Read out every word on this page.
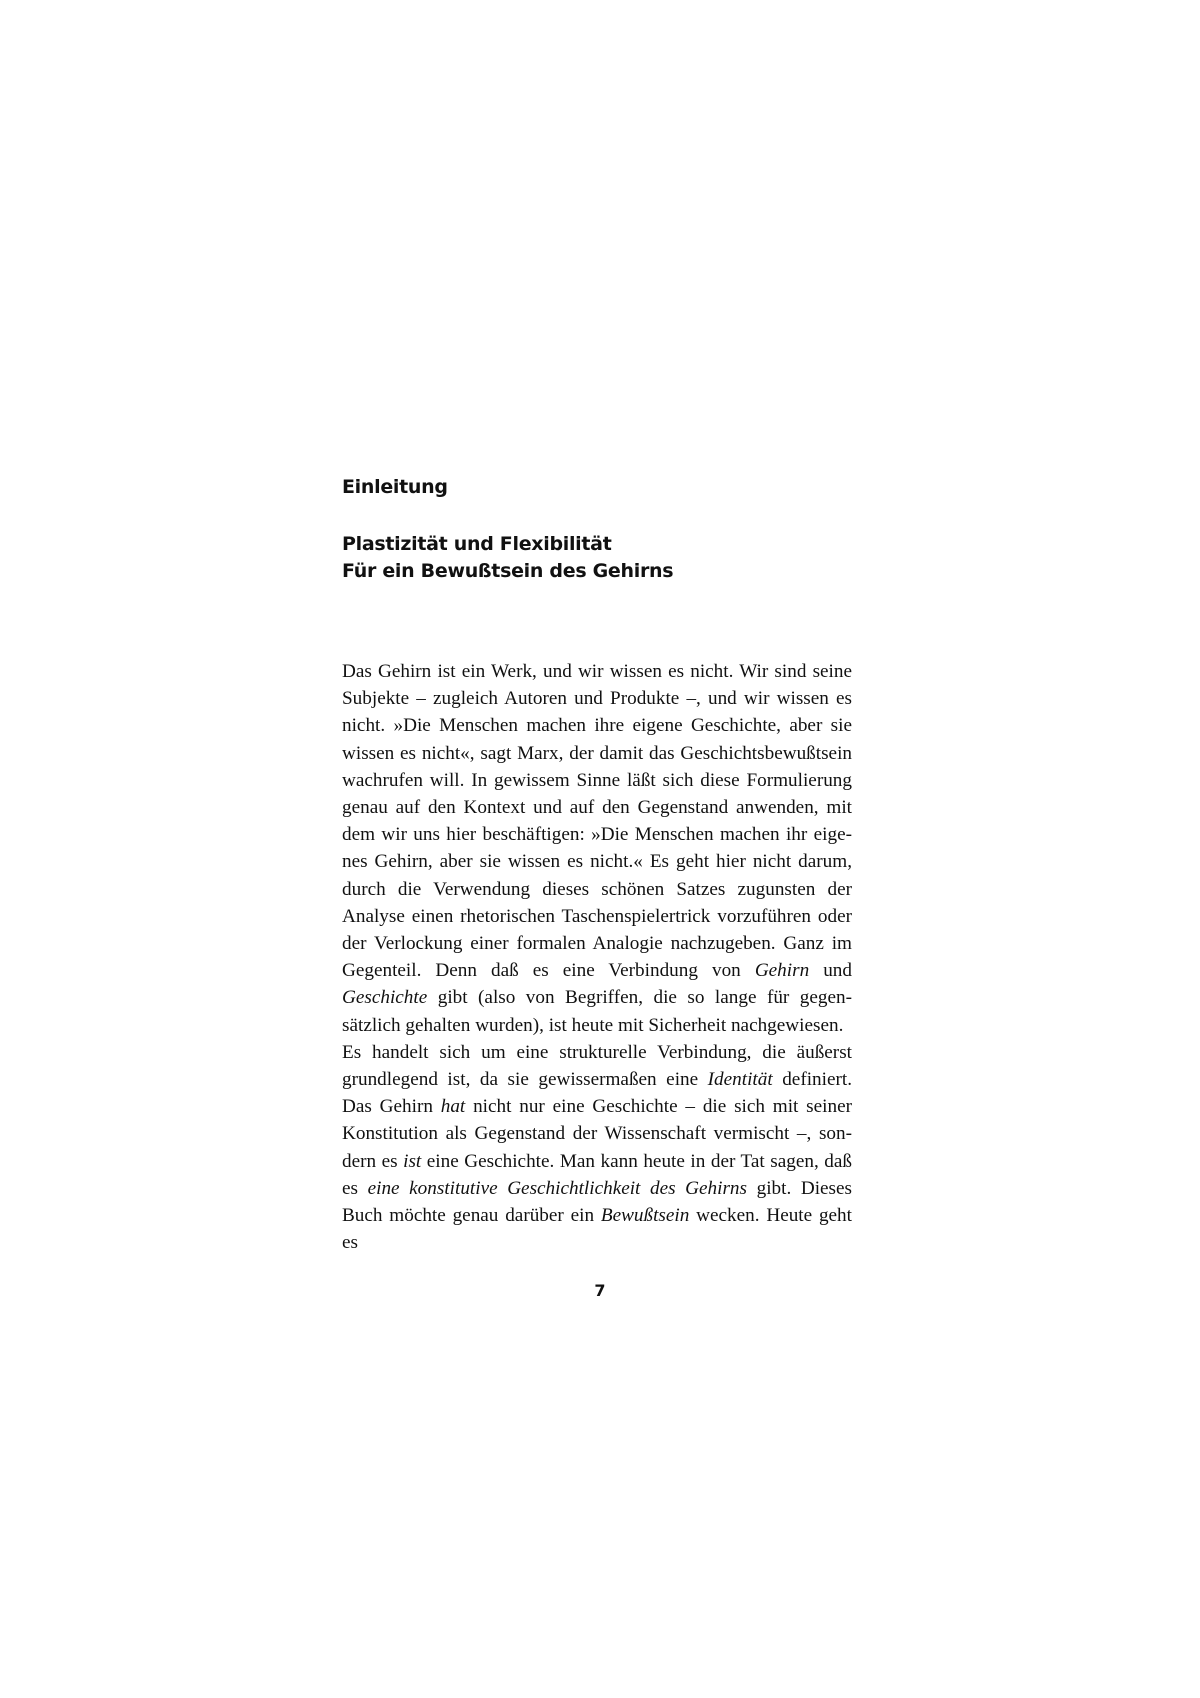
Einleitung
Plastizität und Flexibilität
Für ein Bewußtsein des Gehirns

Das Gehirn ist ein Werk, und wir wissen es nicht. Wir sind seine Subjekte – zugleich Autoren und Produkte –, und wir wissen es nicht. »Die Menschen machen ihre eigene Geschichte, aber sie wissen es nicht«, sagt Marx, der damit das Geschichtsbewußtsein wachrufen will. In gewissem Sinne läßt sich diese Formulierung genau auf den Kontext und auf den Gegenstand anwenden, mit dem wir uns hier beschäftigen: »Die Menschen machen ihr eigenes Gehirn, aber sie wissen es nicht.« Es geht hier nicht darum, durch die Verwendung dieses schönen Satzes zugunsten der Analyse einen rhetorischen Taschenspielertrick vorzuführen oder der Verlockung einer formalen Analogie nachzugeben. Ganz im Gegenteil. Denn daß es eine Verbindung von Gehirn und Geschichte gibt (also von Begriffen, die so lange für gegensätzlich gehalten wurden), ist heute mit Sicherheit nachgewiesen.

Es handelt sich um eine strukturelle Verbindung, die äußerst grundlegend ist, da sie gewissermaßen eine Identität definiert. Das Gehirn hat nicht nur eine Geschichte – die sich mit seiner Konstitution als Gegenstand der Wissenschaft vermischt –, sondern es ist eine Geschichte. Man kann heute in der Tat sagen, daß es eine konstitutive Geschichtlichkeit des Gehirns gibt. Dieses Buch möchte genau darüber ein Bewußtsein wecken. Heute geht es

7
